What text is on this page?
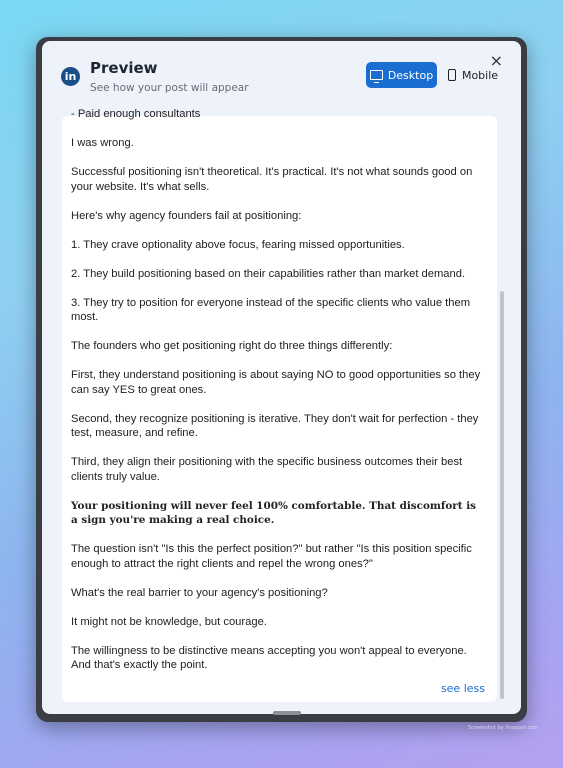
×
in Preview
See how your post will appear
Desktop	Mobile

- Paid enough consultants

I was wrong.

Successful positioning isn't theoretical. It's practical. It's not what sounds good on your website. It's what sells.

Here's why agency founders fail at positioning:

1. They crave optionality above focus, fearing missed opportunities.

2. They build positioning based on their capabilities rather than market demand.

3. They try to position for everyone instead of the specific clients who value them most.

The founders who get positioning right do three things differently:

First, they understand positioning is about saying NO to good opportunities so they can say YES to great ones.

Second, they recognize positioning is iterative. They don't wait for perfection - they test, measure, and refine.

Third, they align their positioning with the specific business outcomes their best clients truly value.

Your positioning will never feel 100% comfortable. That discomfort is a sign you're making a real choice.

The question isn't "Is this the perfect position?" but rather "Is this position specific enough to attract the right clients and repel the wrong ones?"

What's the real barrier to your agency's positioning?

It might not be knowledge, but courage.

The willingness to be distinctive means accepting you won't appeal to everyone. And that's exactly the point.

see less
Screenshot by Xnapper.com
